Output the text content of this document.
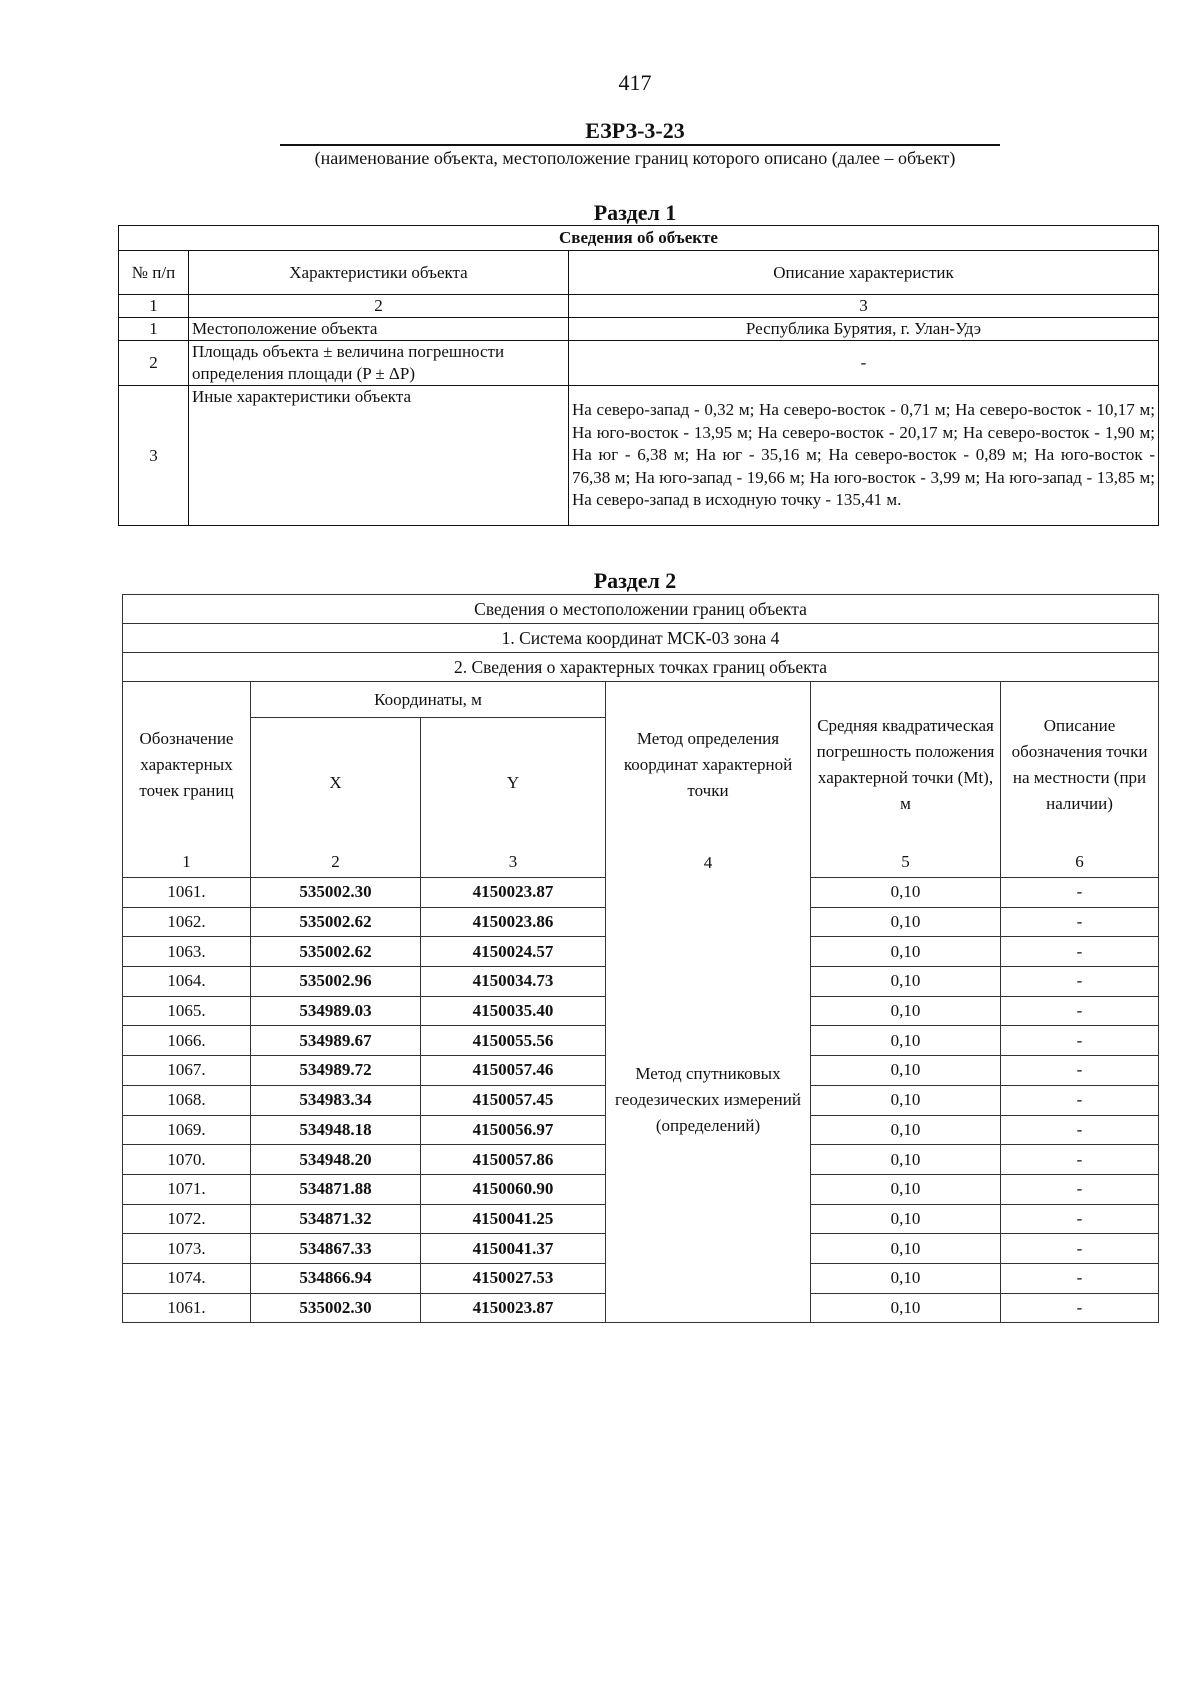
417
ЕЗРЗ-3-23
(наименование объекта, местоположение границ которого описано (далее – объект)
Раздел 1
Сведения об объекте		
№ п/п	Характеристики объекта	Описание характеристик
1	2	3
1	Местоположение объекта	Республика Бурятия, г. Улан-Удэ
2	Площадь объекта ± величина погрешности определения площади (P ± ΔP)	-
3	Иные характеристики объекта	На северо-запад - 0,32 м; На северо-восток - 0,71 м; На северо-восток - 10,17 м; На юго-восток - 13,95 м; На северо-восток - 20,17 м; На северо-восток - 1,90 м; На юг - 6,38 м; На юг - 35,16 м; На северо-восток - 0,89 м; На юго-восток - 76,38 м; На юго-запад - 19,66 м; На юго-восток - 3,99 м; На юго-запад - 13,85 м; На северо-запад в исходную точку - 135,41 м.
Раздел 2
Сведения о местоположении границ объекта					
1. Система координат МСК-03 зона 4					
2. Сведения о характерных точках границ объекта					
Обозначение характерных точек границ	Координаты, м		Метод определения координат характерной точки	Средняя квадратическая погрешность положения характерной точки (Mt), м	Описание обозначения точки на местности (при наличии)
	X	Y			
1	2	3	4	5	6
1061.	535002.30	4150023.87	Метод спутниковых геодезических измерений (определений)	0,10	-
1062.	535002.62	4150023.86		0,10	-
1063.	535002.62	4150024.57		0,10	-
1064.	535002.96	4150034.73		0,10	-
1065.	534989.03	4150035.40		0,10	-
1066.	534989.67	4150055.56		0,10	-
1067.	534989.72	4150057.46		0,10	-
1068.	534983.34	4150057.45		0,10	-
1069.	534948.18	4150056.97		0,10	-
1070.	534948.20	4150057.86		0,10	-
1071.	534871.88	4150060.90		0,10	-
1072.	534871.32	4150041.25		0,10	-
1073.	534867.33	4150041.37		0,10	-
1074.	534866.94	4150027.53		0,10	-
1061.	535002.30	4150023.87		0,10	-
